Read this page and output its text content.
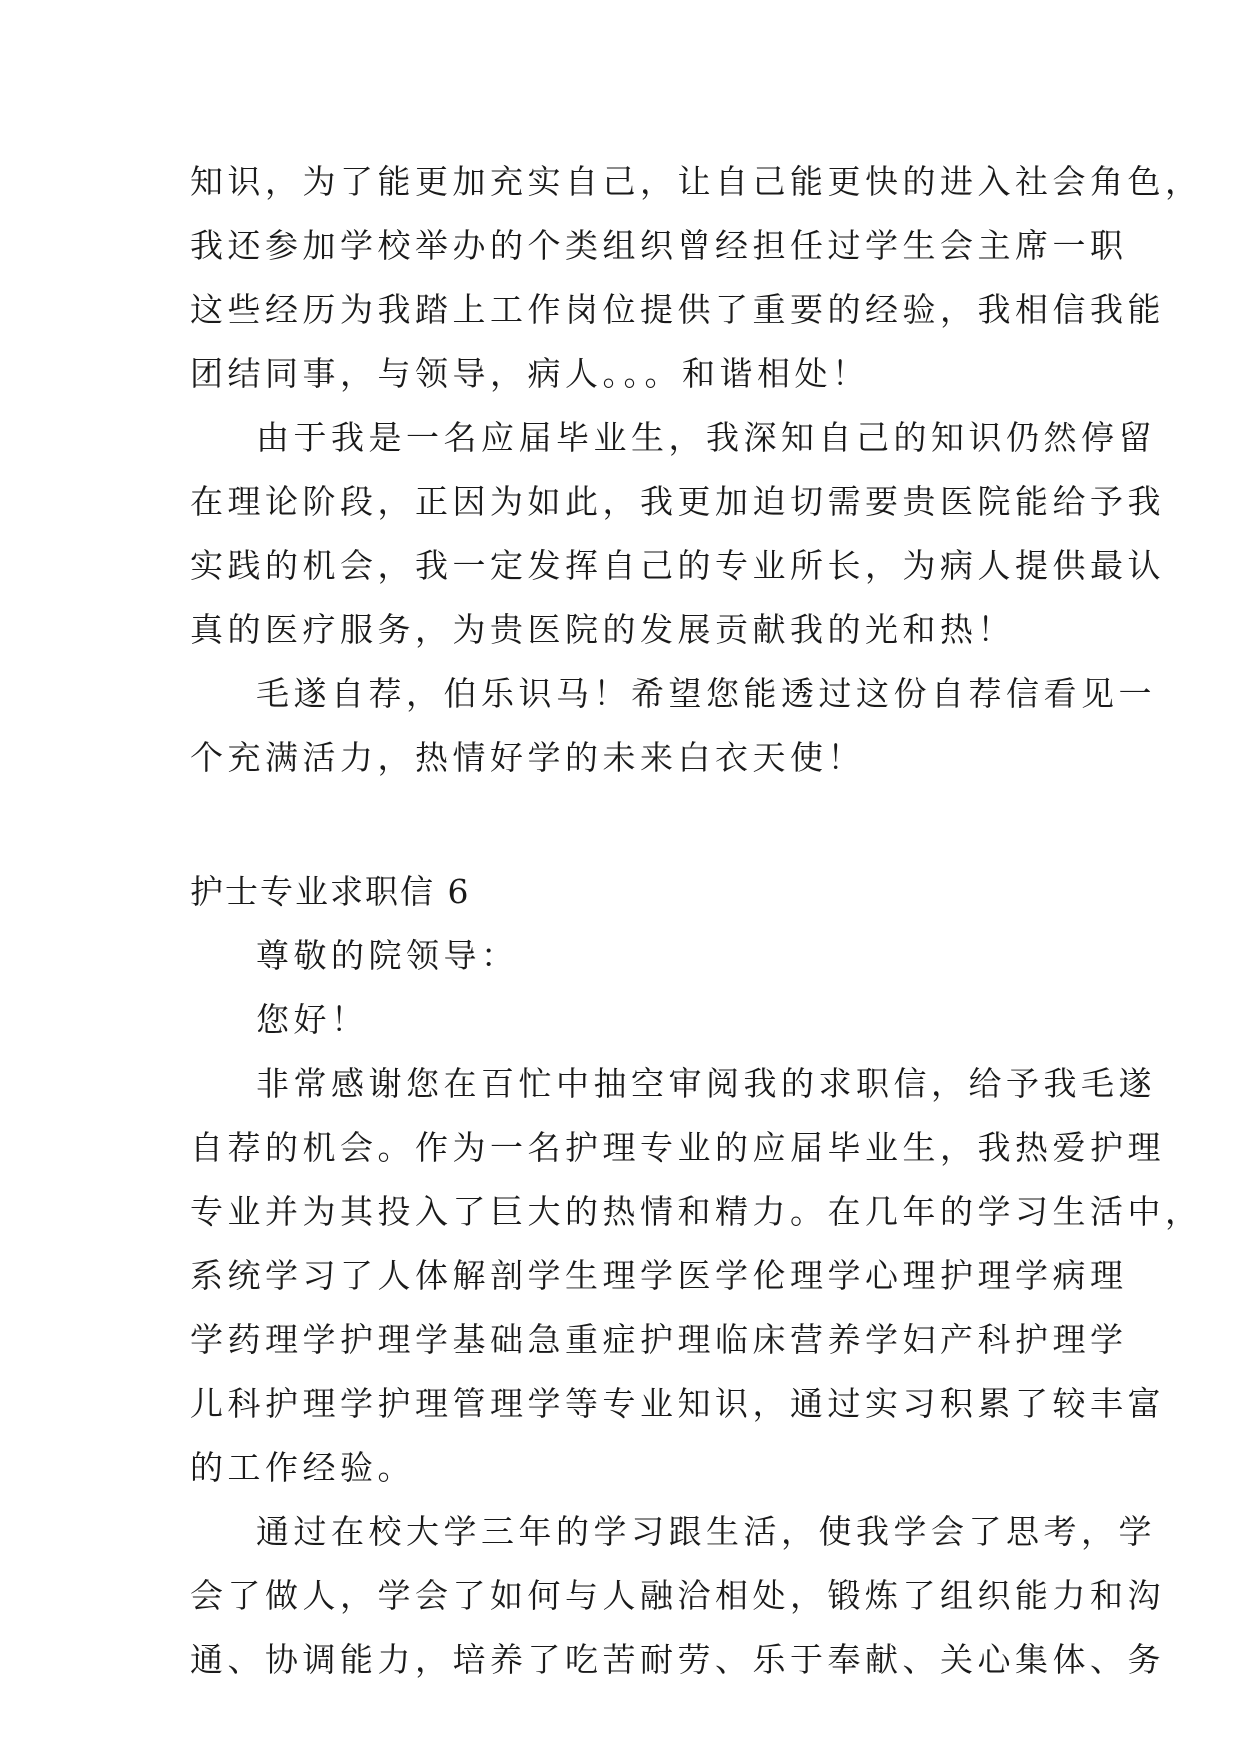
知识，为了能更加充实自己，让自己能更快的进入社会角色，
我还参加学校举办的个类组织曾经担任过学生会主席一职
这些经历为我踏上工作岗位提供了重要的经验，我相信我能
团结同事，与领导，病人。。。和谐相处！
由于我是一名应届毕业生，我深知自己的知识仍然停留
在理论阶段，正因为如此，我更加迫切需要贵医院能给予我
实践的机会，我一定发挥自己的专业所长，为病人提供最认
真的医疗服务，为贵医院的发展贡献我的光和热！
毛遂自荐，伯乐识马！希望您能透过这份自荐信看见一
个充满活力，热情好学的未来白衣天使！
护士专业求职信 6
尊敬的院领导：
您好！
非常感谢您在百忙中抽空审阅我的求职信，给予我毛遂
自荐的机会。作为一名护理专业的应届毕业生，我热爱护理
专业并为其投入了巨大的热情和精力。在几年的学习生活中，
系统学习了人体解剖学生理学医学伦理学心理护理学病理
学药理学护理学基础急重症护理临床营养学妇产科护理学
儿科护理学护理管理学等专业知识，通过实习积累了较丰富
的工作经验。
通过在校大学三年的学习跟生活，使我学会了思考，学
会了做人，学会了如何与人融洽相处，锻炼了组织能力和沟
通、协调能力，培养了吃苦耐劳、乐于奉献、关心集体、务
